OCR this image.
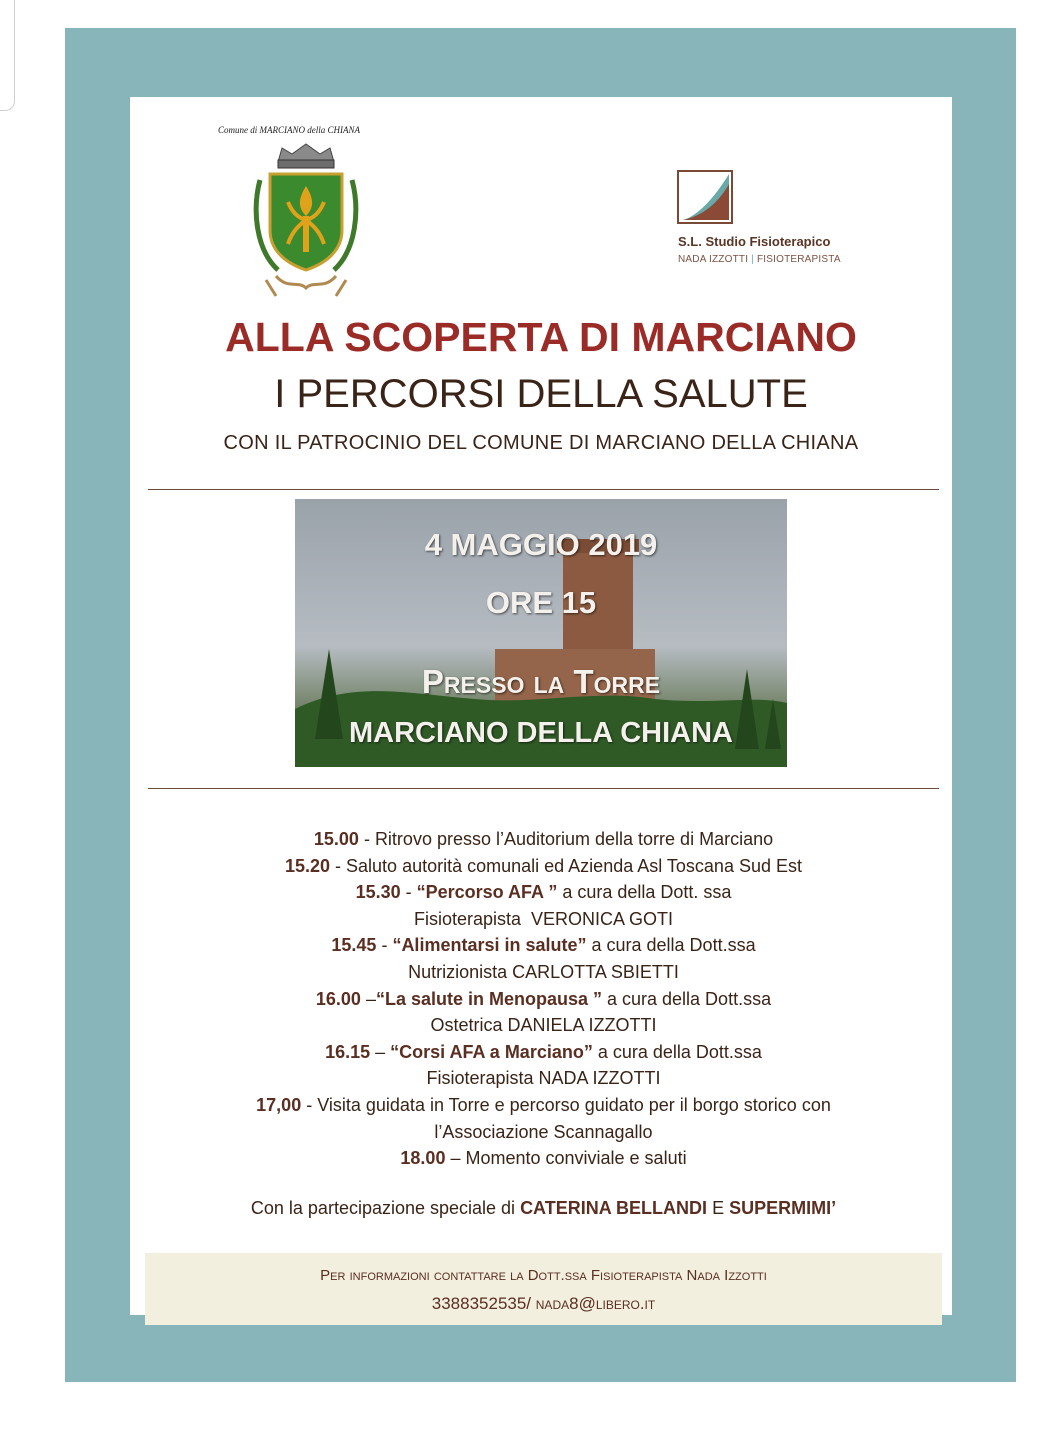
Comune di MARCIANO della CHIANA
S.L. Studio Fisioterapico
NADA IZZOTTI | FISIOTERAPISTA
ALLA SCOPERTA DI MARCIANO
I PERCORSI DELLA SALUTE
CON IL PATROCINIO DEL COMUNE DI MARCIANO DELLA CHIANA
4 MAGGIO 2019
ORE 15
Presso la Torre
MARCIANO DELLA CHIANA
15.00 - Ritrovo presso l’Auditorium della torre di Marciano
15.20 - Saluto autorità comunali ed Azienda Asl Toscana Sud Est
15.30 - “Percorso AFA ” a cura della Dott. ssa
Fisioterapista  VERONICA GOTI
15.45 - “Alimentarsi in salute” a cura della Dott.ssa
Nutrizionista CARLOTTA SBIETTI
16.00 –“La salute in Menopausa ” a cura della Dott.ssa
Ostetrica DANIELA IZZOTTI
16.15 – “Corsi AFA a Marciano” a cura della Dott.ssa
Fisioterapista NADA IZZOTTI
17,00 - Visita guidata in Torre e percorso guidato per il borgo storico con
l’Associazione Scannagallo
18.00 – Momento conviviale e saluti
Con la partecipazione speciale di CATERINA BELLANDI E SUPERMIMI’
Per informazioni contattare la Dott.ssa Fisioterapista Nada Izzotti
3388352535/ nada8@libero.it
